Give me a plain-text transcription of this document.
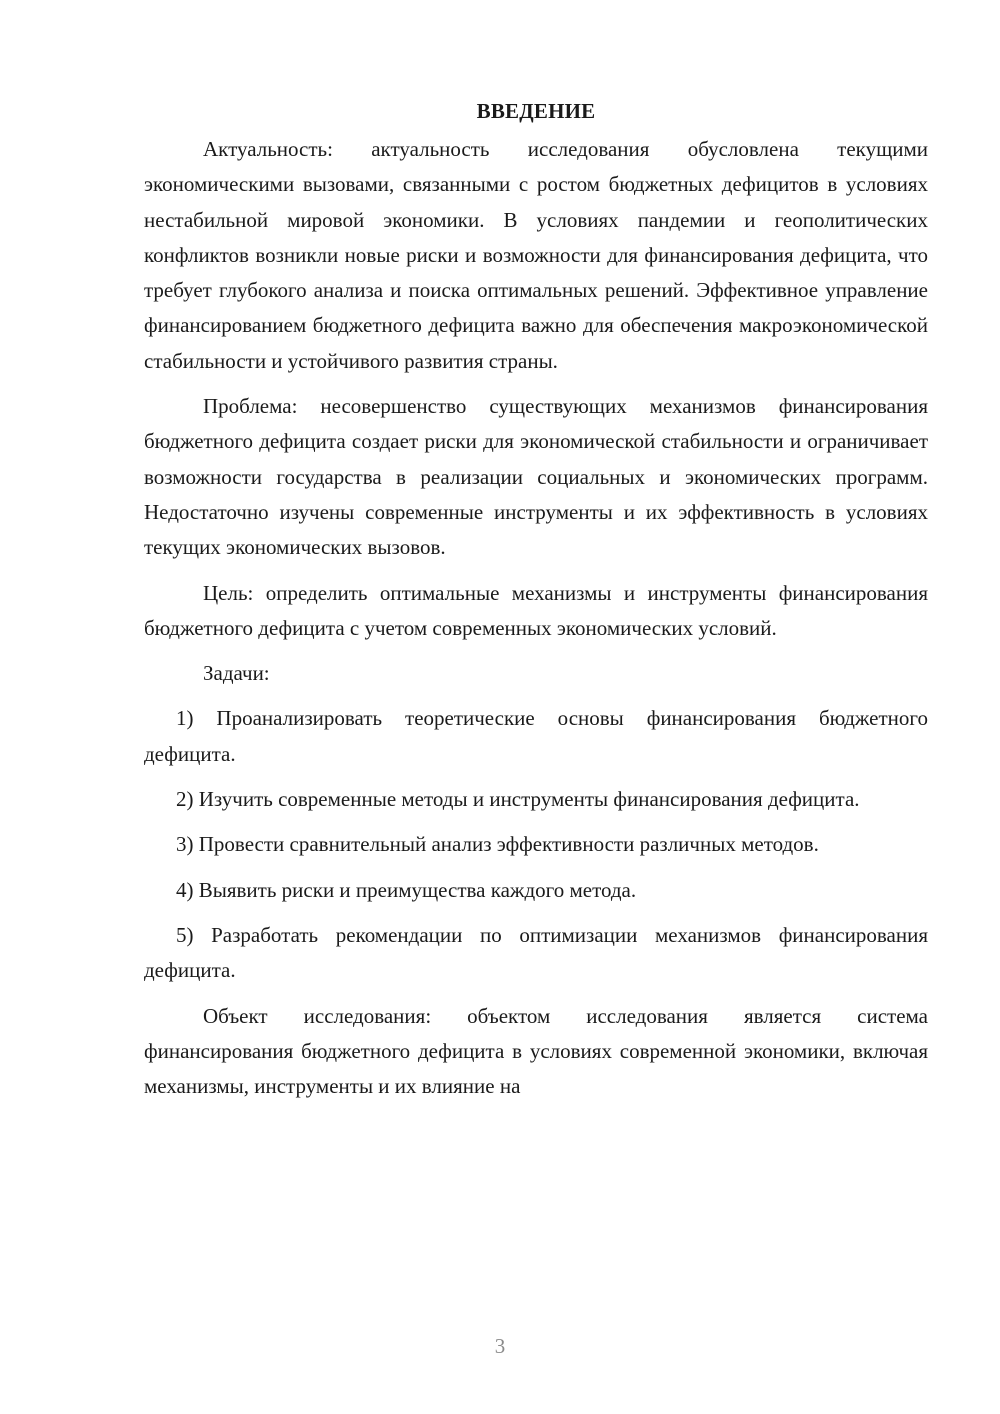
ВВЕДЕНИЕ

Актуальность: актуальность исследования обусловлена текущими экономическими вызовами, связанными с ростом бюджетных дефицитов в условиях нестабильной мировой экономики. В условиях пандемии и геополитических конфликтов возникли новые риски и возможности для финансирования дефицита, что требует глубокого анализа и поиска оптимальных решений. Эффективное управление финансированием бюджетного дефицита важно для обеспечения макроэкономической стабильности и устойчивого развития страны.

Проблема: несовершенство существующих механизмов финансирования бюджетного дефицита создает риски для экономической стабильности и ограничивает возможности государства в реализации социальных и экономических программ. Недостаточно изучены современные инструменты и их эффективность в условиях текущих экономических вызовов.

Цель: определить оптимальные механизмы и инструменты финансирования бюджетного дефицита с учетом современных экономических условий.

Задачи:

1) Проанализировать теоретические основы финансирования бюджетного дефицита.

2) Изучить современные методы и инструменты финансирования дефицита.

3) Провести сравнительный анализ эффективности различных методов.

4) Выявить риски и преимущества каждого метода.

5) Разработать рекомендации по оптимизации механизмов финансирования дефицита.

Объект исследования: объектом исследования является система финансирования бюджетного дефицита в условиях современной экономики, включая механизмы, инструменты и их влияние на

3
